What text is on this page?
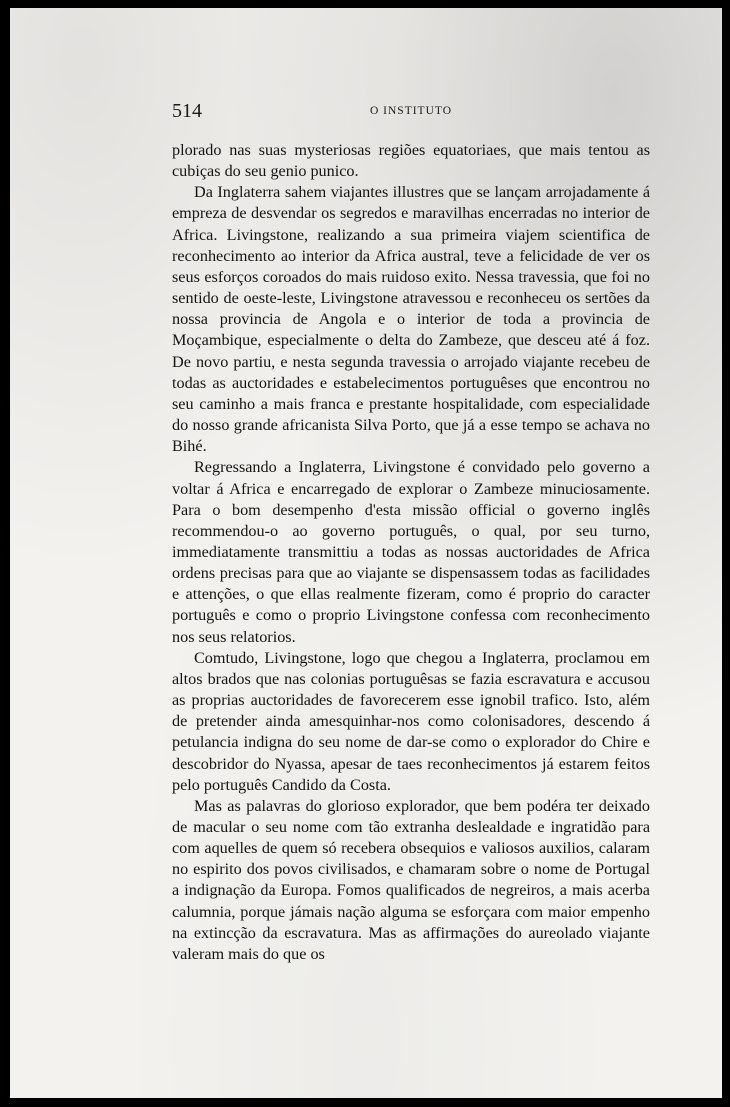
514	O INSTITUTO

plorado nas suas mysteriosas regiões equatoriaes, que mais tentou as cubiças do seu genio punico.

Da Inglaterra sahem viajantes illustres que se lançam arrojadamente á empreza de desvendar os segredos e maravilhas encerradas no interior de Africa. Livingstone, realizando a sua primeira viajem scientifica de reconhecimento ao interior da Africa austral, teve a felicidade de ver os seus esforços coroados do mais ruidoso exito. Nessa travessia, que foi no sentido de oeste-leste, Livingstone atravessou e reconheceu os sertões da nossa provincia de Angola e o interior de toda a provincia de Moçambique, especialmente o delta do Zambeze, que desceu até á foz. De novo partiu, e nesta segunda travessia o arrojado viajante recebeu de todas as auctoridades e estabelecimentos portuguêses que encontrou no seu caminho a mais franca e prestante hospitalidade, com especialidade do nosso grande africanista Silva Porto, que já a esse tempo se achava no Bihé.

Regressando a Inglaterra, Livingstone é convidado pelo governo a voltar á Africa e encarregado de explorar o Zambeze minuciosamente. Para o bom desempenho d'esta missão official o governo inglês recommendou-o ao governo português, o qual, por seu turno, immediatamente transmittiu a todas as nossas auctoridades de Africa ordens precisas para que ao viajante se dispensassem todas as facilidades e attenções, o que ellas realmente fizeram, como é proprio do caracter português e como o proprio Livingstone confessa com reconhecimento nos seus relatorios.

Comtudo, Livingstone, logo que chegou a Inglaterra, proclamou em altos brados que nas colonias portuguêsas se fazia escravatura e accusou as proprias auctoridades de favorecerem esse ignobil trafico. Isto, além de pretender ainda amesquinhar-nos como colonisadores, descendo á petulancia indigna do seu nome de dar-se como o explorador do Chire e descobridor do Nyassa, apesar de taes reconhecimentos já estarem feitos pelo português Candido da Costa.

Mas as palavras do glorioso explorador, que bem podéra ter deixado de macular o seu nome com tão extranha deslealdade e ingratidão para com aquelles de quem só recebera obsequios e valiosos auxilios, calaram no espirito dos povos civilisados, e chamaram sobre o nome de Portugal a indignação da Europa. Fomos qualificados de negreiros, a mais acerba calumnia, porque jámais nação alguma se esforçara com maior empenho na extincção da escravatura. Mas as affirmações do aureolado viajante valeram mais do que os
